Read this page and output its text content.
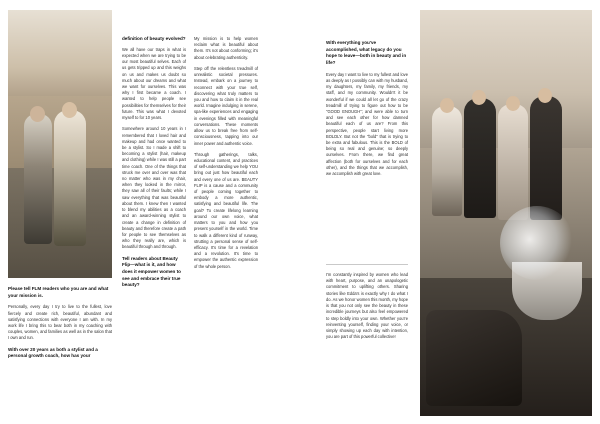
Please tell FLM readers who you are and what your mission is.

Personally, every day I try to live to the fullest, love fiercely and create rich, beautiful, abundant and satisfying connections with everyone I am with. In my work life I bring this to bear both in my coaching with couples, women, and families as well as in the salon that I own and run.

With over 20 years as both a stylist and a personal growth coach, how has your

definition of beauty evolved?

We all have our traps in what is expected when we are trying to be our most beautiful selves. Each of us gets tripped up and this weighs on us and makes us doubt so much about our dreams and what we want for ourselves. This was why I first became a coach. I wanted to help people see possibilities for themselves for their future. This was what I devoted myself to for 10 years.

Somewhere around 10 years in I remembered that I loved hair and makeup and had once wanted to be a stylist. So I made a shift to becoming a stylist (hair, makeup and clothing) while I was still a part time coach. One of the things that struck me over and over was that no matter who was in my chair, when they looked in the mirror, they saw all of their faults; while I saw everything that was beautiful about them. I knew then I wanted to blend my abilities as a coach and an award-winning stylist to create a change in definition of beauty and therefore create a path for people to see themselves as who they really are, which is beautiful through and through.

Tell readers about Beauty Flip—what is it, and how does it empower women to see and embrace their true beauty?

My mission is to help women reclaim what is beautiful about them. It's not about conforming; it's about celebrating authenticity.

Step off the relentless treadmill of unrealistic societal pressures. Instead, embark on a journey to reconnect with your true self, discovering what truly matters to you and how to claim it in the real world. Imagine indulging in serene, spa-like experiences and engaging in evenings filled with meaningful conversations. These moments allow us to break free from self-consciousness, tapping into our inner power and authentic voice.

Through gatherings, talks, educational content, and practices of self-understanding we help YOU bring out just how beautiful each and every one of us are. BEAUTY FLIP is a cause and a community of people coming together to embody a more authentic, satisfying and beautiful life. The goal? To create lifelong learning around our own voice, what matters to you and how you present yourself in the world. Time to walk a different kind of runway, strutting a personal sense of self-efficacy. It's time for a revelation and a revolution. It's time to empower the authentic expression of the whole person.

With everything you've accomplished, what legacy do you hope to leave—both in beauty and in life?

Every day I want to live to my fullest and love as deeply as I possibly can with my husband, my daughters, my family, my friends, my staff, and my community. Wouldn't it be wonderful if we could all let go of the crazy treadmill of trying to figure out how to be "GOOD ENOUGH"; and were able to turn and see each other for how damned beautiful each of us are? From this perspective, people start living more BOLDLY. But not the "bold" that is trying to be extra and fabulous. This is the BOLD of being so real and genuine; so deeply ourselves. From there, we find great affection (both for ourselves and for each other), and the things that we accomplish, we accomplish with great love.

I'm constantly inspired by women who lead with heart, purpose, and an unapologetic commitment to uplifting others. Sharing stories like Edda's is exactly why I do what I do. As we honor women this month, my hope is that you not only see the beauty in these incredible journeys but also feel empowered to step boldly into your own. Whether you're reinventing yourself, finding your voice, or simply showing up each day with intention, you are part of this powerful collective!
